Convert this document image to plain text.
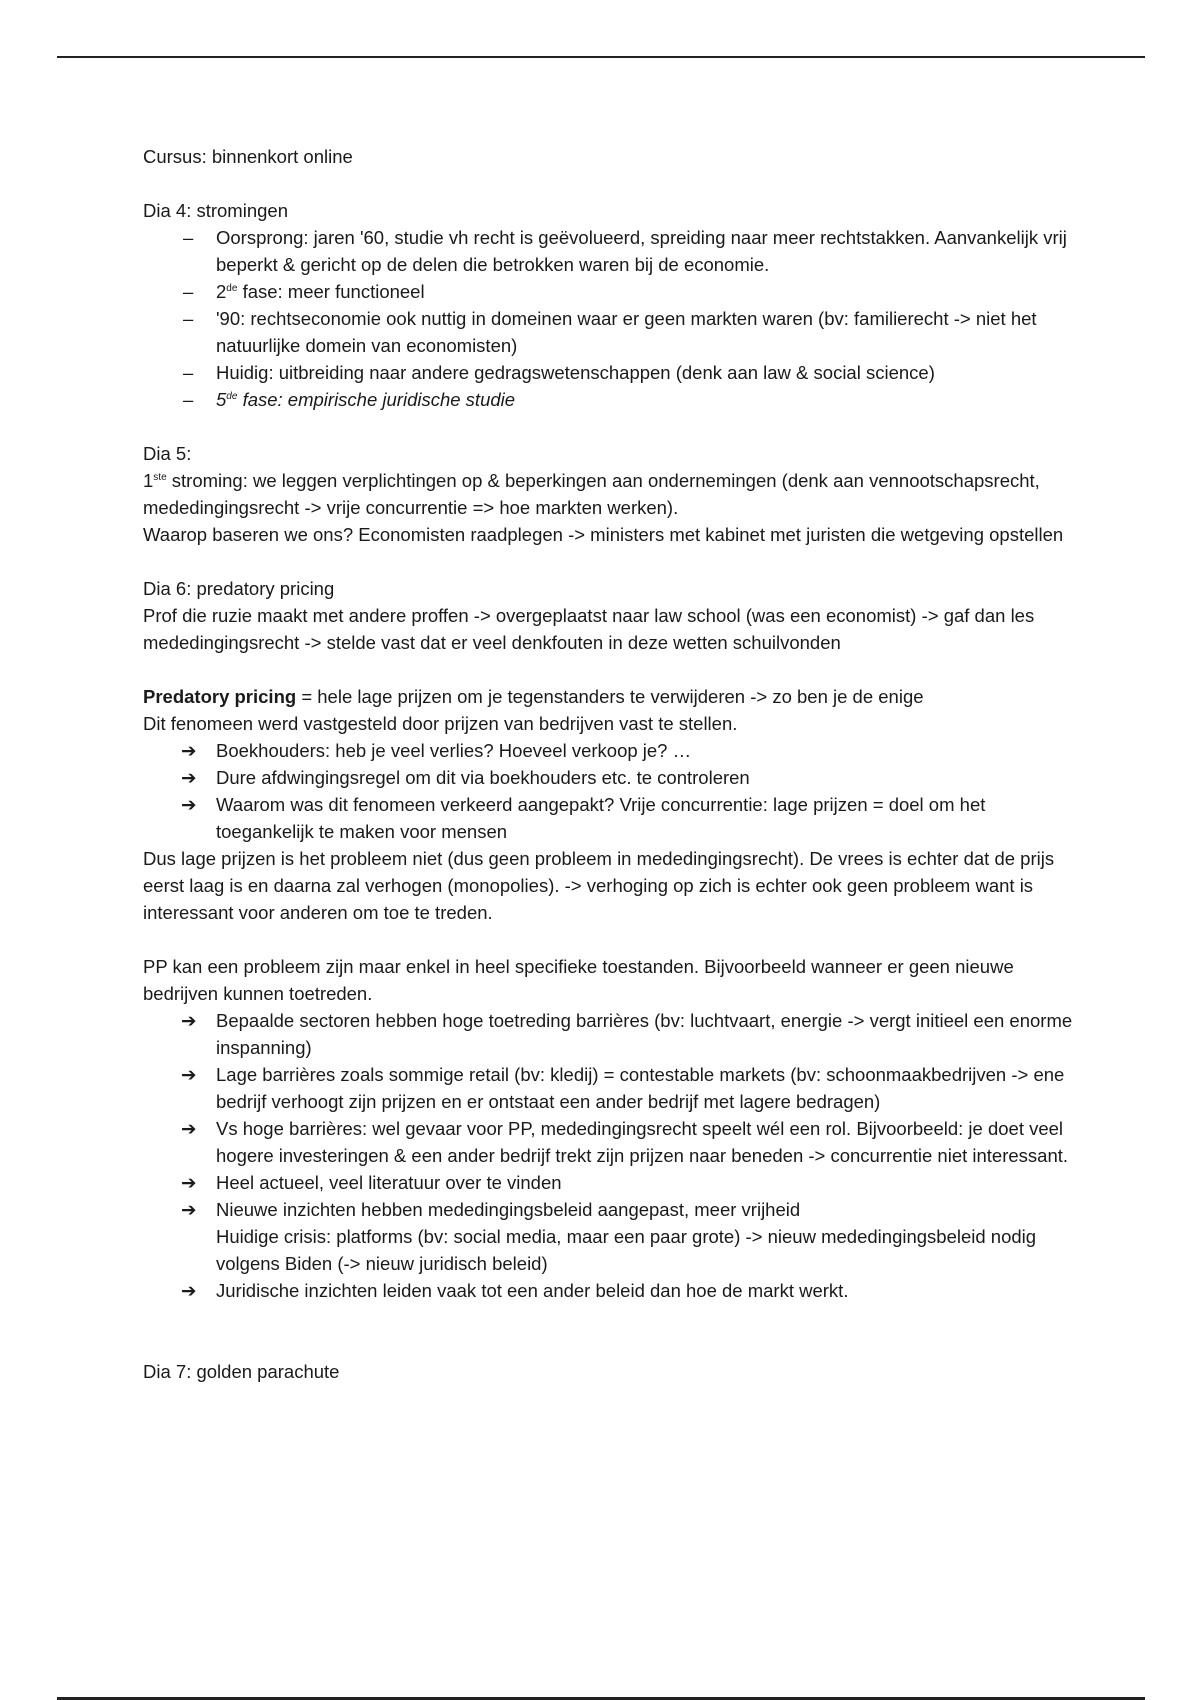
Cursus: binnenkort online

Dia 4: stromingen

– Oorsprong: jaren '60, studie vh recht is geëvolueerd, spreiding naar meer rechtstakken. Aanvankelijk vrij beperkt & gericht op de delen die betrokken waren bij de economie.
– 2de fase: meer functioneel
– '90: rechtseconomie ook nuttig in domeinen waar er geen markten waren (bv: familierecht -> niet het natuurlijke domein van economisten)
– Huidig: uitbreiding naar andere gedragswetenschappen (denk aan law & social science)
– 5de fase: empirische juridische studie

Dia 5:

1ste stroming: we leggen verplichtingen op & beperkingen aan ondernemingen (denk aan vennootschapsrecht, mededingingsrecht -> vrije concurrentie => hoe markten werken).

Waarop baseren we ons? Economisten raadplegen -> ministers met kabinet met juristen die wetgeving opstellen

Dia 6: predatory pricing

Prof die ruzie maakt met andere proffen -> overgeplaatst naar law school (was een economist) -> gaf dan les mededingingsrecht -> stelde vast dat er veel denkfouten in deze wetten schuilvonden

Predatory pricing = hele lage prijzen om je tegenstanders te verwijderen -> zo ben je de enige

Dit fenomeen werd vastgesteld door prijzen van bedrijven vast te stellen.

➔ Boekhouders: heb je veel verlies? Hoeveel verkoop je? …
➔ Dure afdwingingsregel om dit via boekhouders etc. te controleren
➔ Waarom was dit fenomeen verkeerd aangepakt? Vrije concurrentie: lage prijzen = doel om het toegankelijk te maken voor mensen

Dus lage prijzen is het probleem niet (dus geen probleem in mededingingsrecht). De vrees is echter dat de prijs eerst laag is en daarna zal verhogen (monopolies). -> verhoging op zich is echter ook geen probleem want is interessant voor anderen om toe te treden.

PP kan een probleem zijn maar enkel in heel specifieke toestanden. Bijvoorbeeld wanneer er geen nieuwe bedrijven kunnen toetreden.

➔ Bepaalde sectoren hebben hoge toetreding barrières (bv: luchtvaart, energie -> vergt initieel een enorme inspanning)
➔ Lage barrières zoals sommige retail (bv: kledij) = contestable markets (bv: schoonmaakbedrijven -> ene bedrijf verhoogt zijn prijzen en er ontstaat een ander bedrijf met lagere bedragen)
➔ Vs hoge barrières: wel gevaar voor PP, mededingingsrecht speelt wél een rol. Bijvoorbeeld: je doet veel hogere investeringen & een ander bedrijf trekt zijn prijzen naar beneden -> concurrentie niet interessant.
➔ Heel actueel, veel literatuur over te vinden
➔ Nieuwe inzichten hebben mededingingsbeleid aangepast, meer vrijheid
Huidige crisis: platforms (bv: social media, maar een paar grote) -> nieuw mededingingsbeleid nodig volgens Biden (-> nieuw juridisch beleid)
➔ Juridische inzichten leiden vaak tot een ander beleid dan hoe de markt werkt.

Dia 7: golden parachute
